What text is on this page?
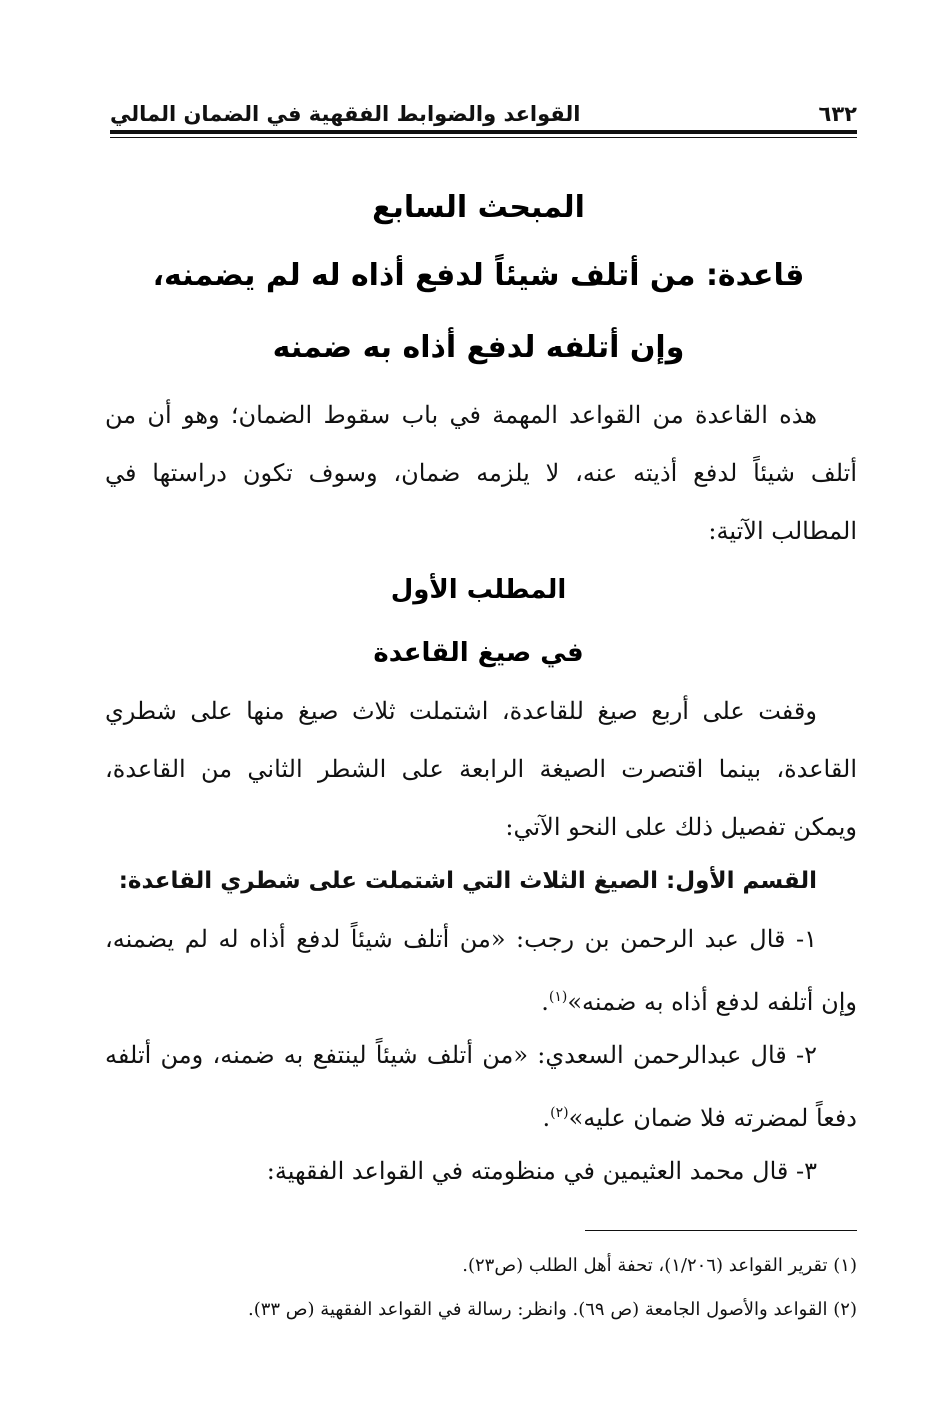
٦٣٢
القواعد والضوابط الفقهية في الضمان المالي
المبحث السابع
قاعدة: من أتلف شيئاً لدفع أذاه له لم يضمنه،
وإن أتلفه لدفع أذاه به ضمنه

هذه القاعدة من القواعد المهمة في باب سقوط الضمان؛ وهو أن من أتلف شيئاً لدفع أذيته عنه، لا يلزمه ضمان، وسوف تكون دراستها في المطالب الآتية:

المطلب الأول
في صيغ القاعدة

وقفت على أربع صيغ للقاعدة، اشتملت ثلاث صيغ منها على شطري القاعدة، بينما اقتصرت الصيغة الرابعة على الشطر الثاني من القاعدة، ويمكن تفصيل ذلك على النحو الآتي:

القسم الأول: الصيغ الثلاث التي اشتملت على شطري القاعدة:

١- قال عبد الرحمن بن رجب: «من أتلف شيئاً لدفع أذاه له لم يضمنه، وإن أتلفه لدفع أذاه به ضمنه»$^{(١)}$.

٢- قال عبدالرحمن السعدي: «من أتلف شيئاً لينتفع به ضمنه، ومن أتلفه دفعاً لمضرته فلا ضمان عليه»$^{(٢)}$.

٣- قال محمد العثيمين في منظومته في القواعد الفقهية:

(١) تقرير القواعد (١/٢٠٦)، تحفة أهل الطلب (ص٢٣).
(٢) القواعد والأصول الجامعة (ص ٦٩). وانظر: رسالة في القواعد الفقهية (ص ٣٣).
